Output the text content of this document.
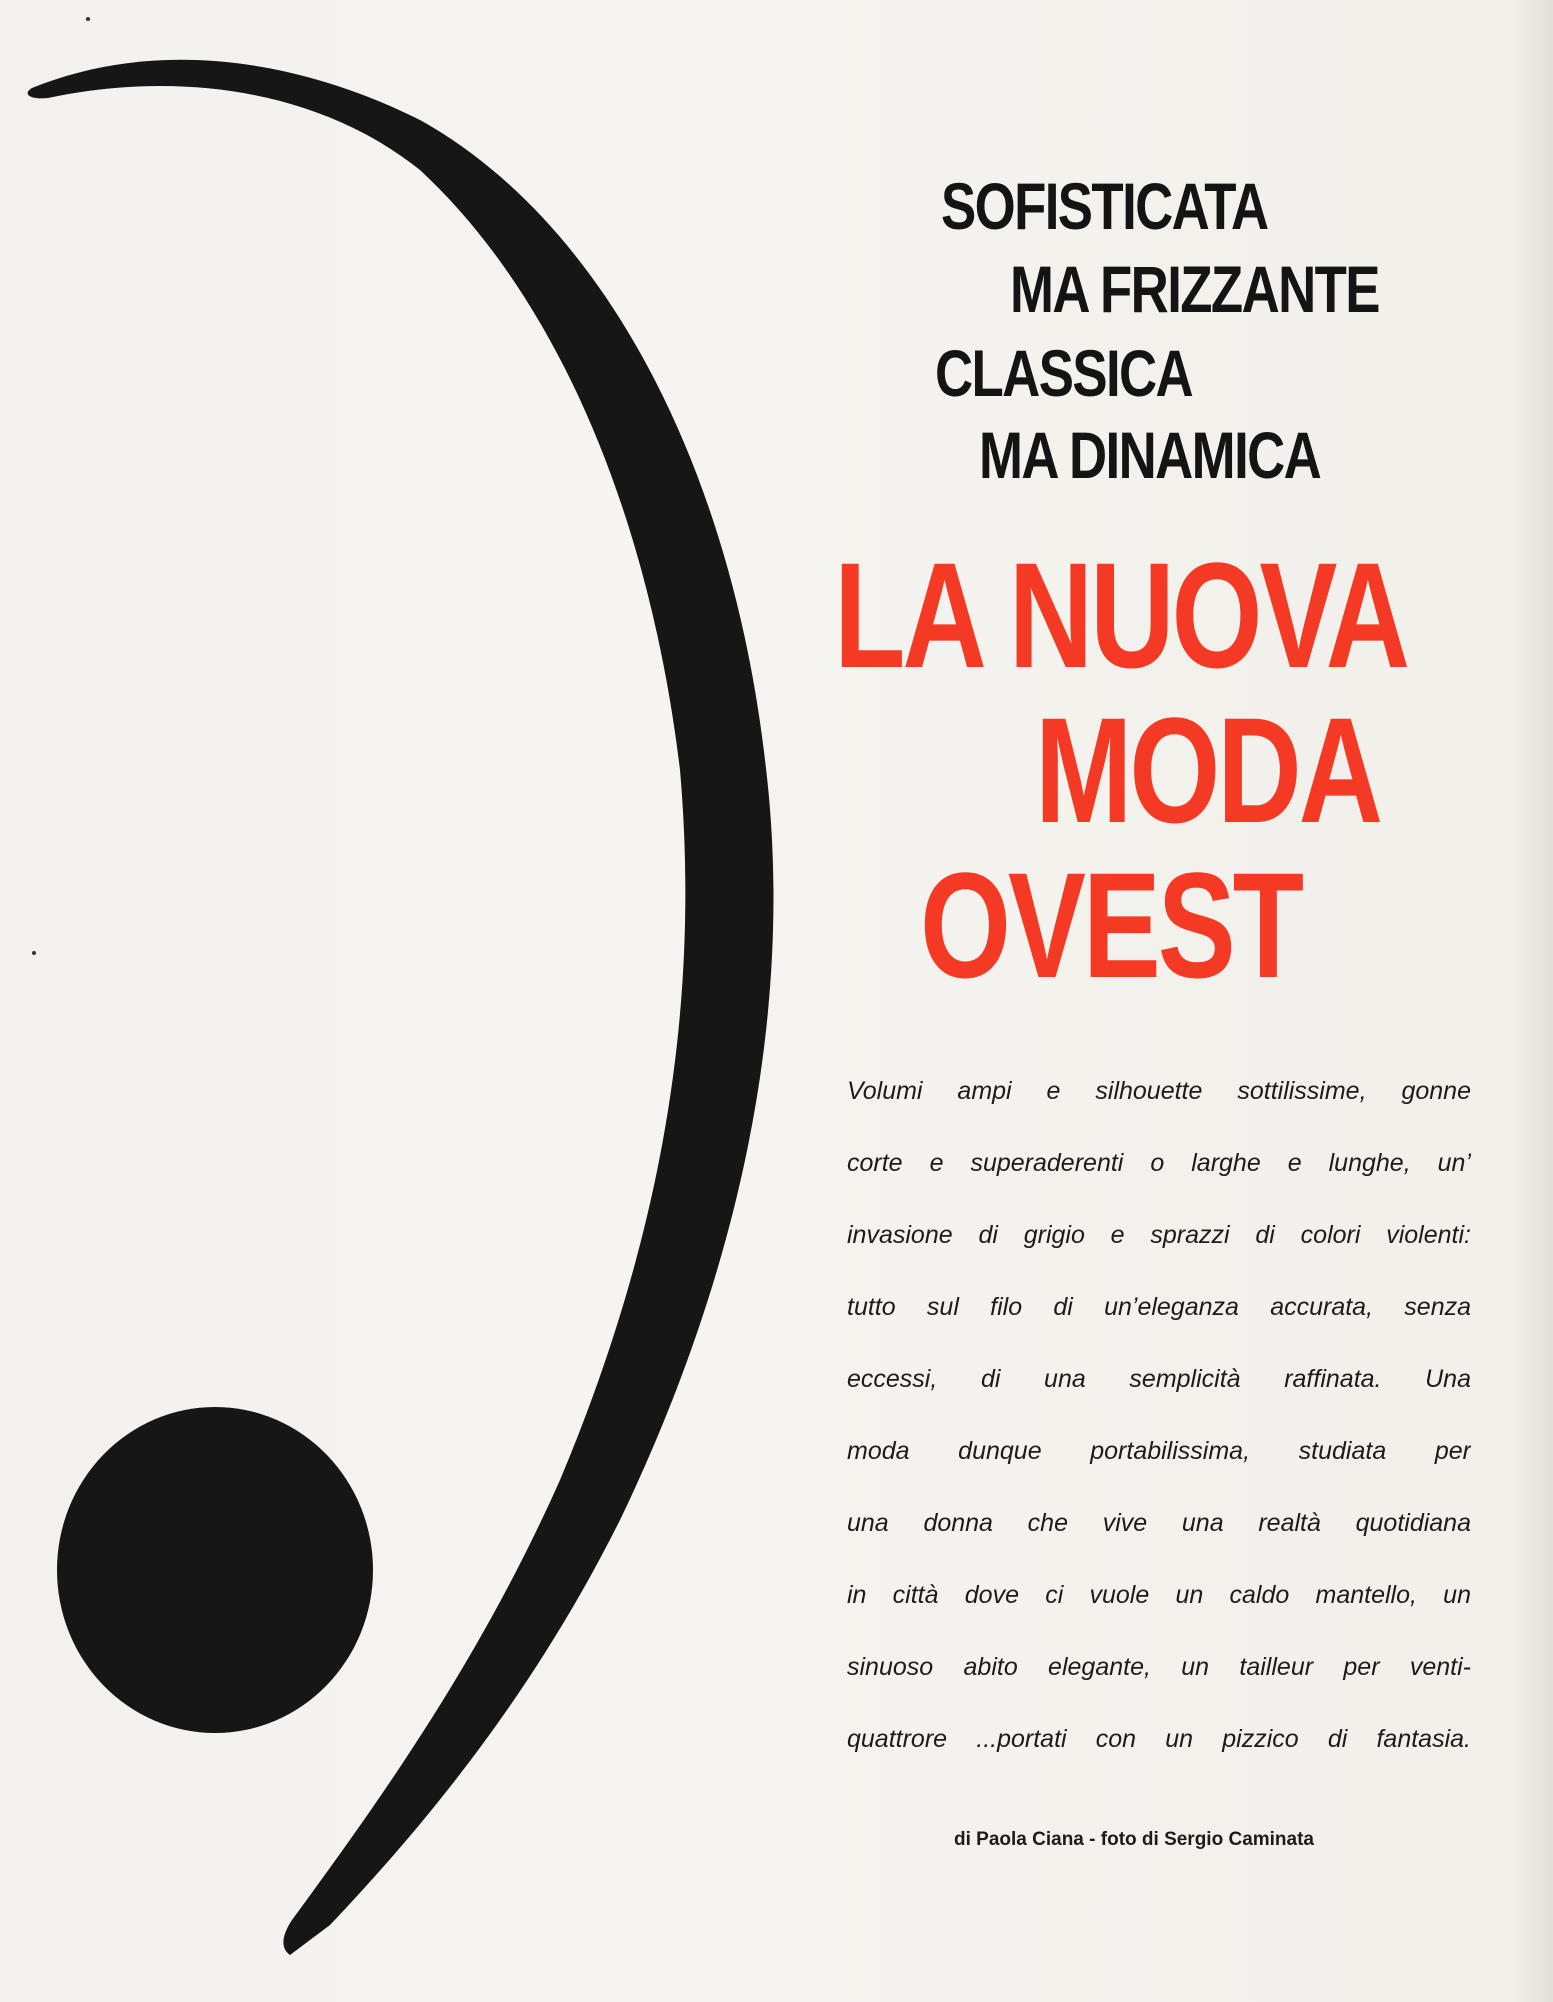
SOFISTICATA
MA FRIZZANTE
CLASSICA
MA DINAMICA
LA NUOVA
MODA
OVEST
Volumi ampi e silhouette sottilissime, gonne
corte e superaderenti o larghe e lunghe, un’
invasione di grigio e sprazzi di colori violenti:
tutto sul filo di un’eleganza accurata, senza
eccessi, di una semplicità raffinata. Una
moda dunque portabilissima, studiata per
una donna che vive una realtà quotidiana
in città dove ci vuole un caldo mantello, un
sinuoso abito elegante, un tailleur per venti-
quattrore ...portati con un pizzico di fantasia.
di Paola Ciana - foto di Sergio Caminata
